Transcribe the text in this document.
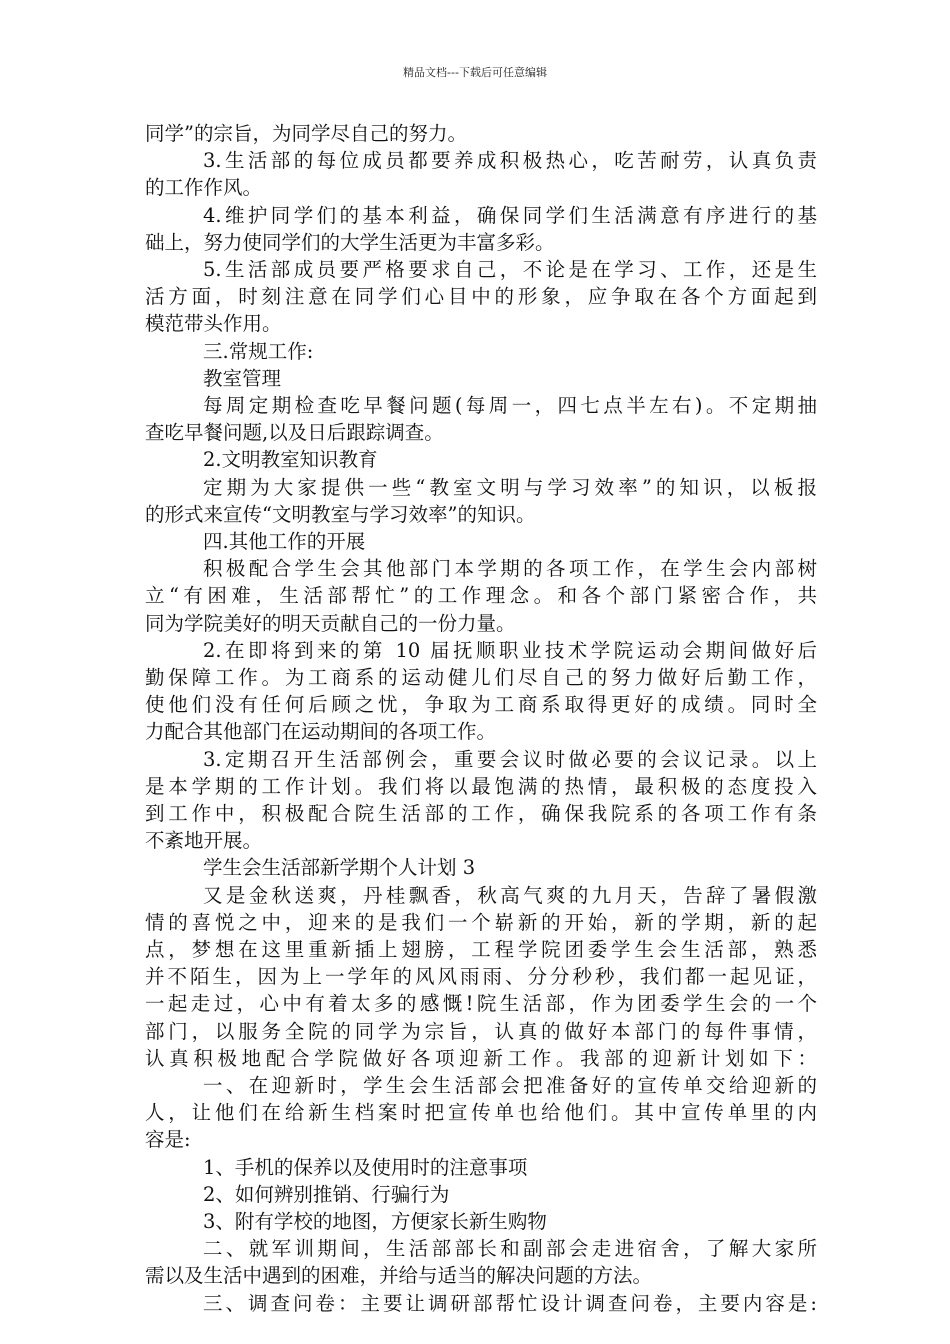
精品文档---下载后可任意编辑
同学”的宗旨，为同学尽自己的努力。
3.生活部的每位成员都要养成积极热心，吃苦耐劳，认真负责
的工作作风。
4.维护同学们的基本利益，确保同学们生活满意有序进行的基
础上，努力使同学们的大学生活更为丰富多彩。
5.生活部成员要严格要求自己，不论是在学习、工作，还是生
活方面，时刻注意在同学们心目中的形象，应争取在各个方面起到
模范带头作用。
三.常规工作:
教室管理
每周定期检查吃早餐问题(每周一，四七点半左右)。不定期抽
查吃早餐问题,以及日后跟踪调查。
2.文明教室知识教育
定期为大家提供一些“教室文明与学习效率”的知识，以板报
的形式来宣传“文明教室与学习效率”的知识。
四.其他工作的开展
积极配合学生会其他部门本学期的各项工作，在学生会内部树
立“有困难，生活部帮忙”的工作理念。和各个部门紧密合作，共
同为学院美好的明天贡献自己的一份力量。
2.在即将到来的第 10 届抚顺职业技术学院运动会期间做好后
勤保障工作。为工商系的运动健儿们尽自己的努力做好后勤工作，
使他们没有任何后顾之忧，争取为工商系取得更好的成绩。同时全
力配合其他部门在运动期间的各项工作。
3.定期召开生活部例会，重要会议时做必要的会议记录。以上
是本学期的工作计划。我们将以最饱满的热情，最积极的态度投入
到工作中，积极配合院生活部的工作，确保我院系的各项工作有条
不紊地开展。
学生会生活部新学期个人计划 3
又是金秋送爽，丹桂飘香，秋高气爽的九月天，告辞了暑假激
情的喜悦之中，迎来的是我们一个崭新的开始，新的学期，新的起
点，梦想在这里重新插上翅膀，工程学院团委学生会生活部，熟悉
并不陌生，因为上一学年的风风雨雨、分分秒秒，我们都一起见证，
一起走过，心中有着太多的感慨!院生活部，作为团委学生会的一个
部门，以服务全院的同学为宗旨，认真的做好本部门的每件事情，
认真积极地配合学院做好各项迎新工作。我部的迎新计划如下：
一、在迎新时，学生会生活部会把准备好的宣传单交给迎新的
人，让他们在给新生档案时把宣传单也给他们。其中宣传单里的内
容是:
1、手机的保养以及使用时的注意事项
2、如何辨别推销、行骗行为
3、附有学校的地图，方便家长新生购物
二、就军训期间，生活部部长和副部会走进宿舍，了解大家所
需以及生活中遇到的困难，并给与适当的解决问题的方法。
三、调查问卷：主要让调研部帮忙设计调查问卷，主要内容是:
